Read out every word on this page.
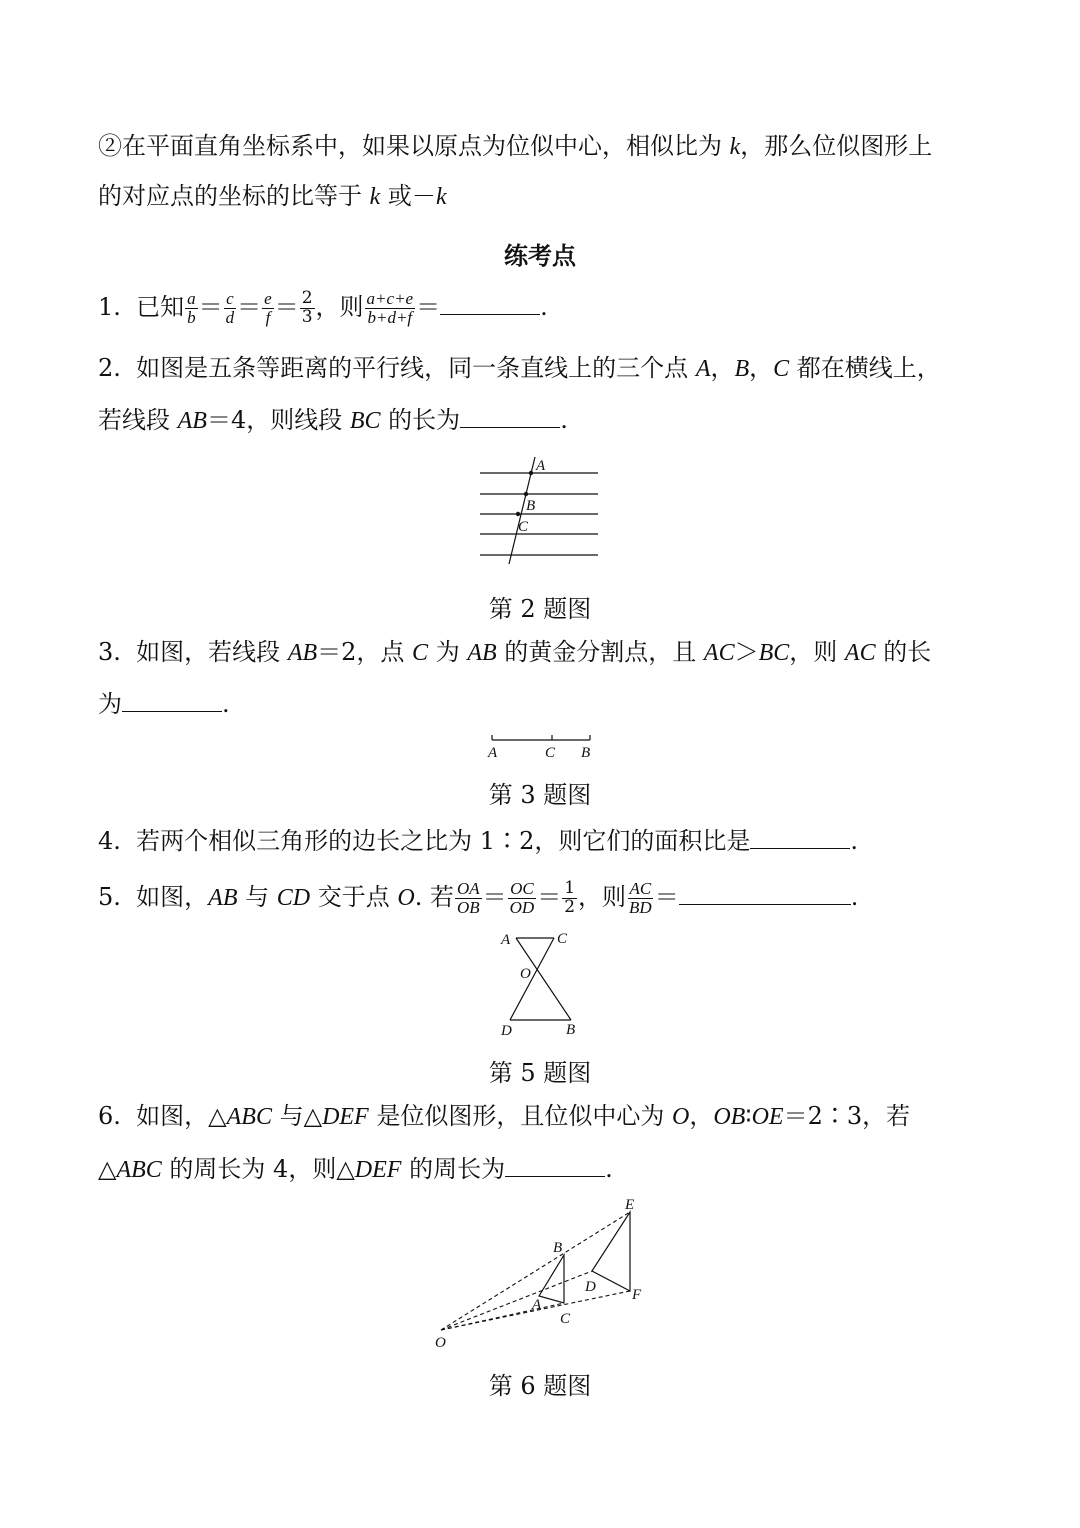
②在平面直角坐标系中，如果以原点为位似中心，相似比为 k，那么位似图形上
的对应点的坐标的比等于 k 或－k
练考点
1. 已知 $\frac{a}{b} = \frac{c}{d} = \frac{e}{f} = \frac{2}{3}$ ，则 $\frac{a+c+e}{b+d+f}$ ＝	.
2. 如图是五条等距离的平行线，同一条直线上的三个点 A，B，C 都在横线上，
若线段 AB＝4，则线段 BC 的长为	.
A
B
C
第 2 题图
3. 如图，若线段 AB＝2，点 C 为 AB 的黄金分割点，且 AC＞BC，则 AC 的长
为	.
A	C B
第 3 题图
4. 若两个相似三角形的边长之比为 1∶2，则它们的面积比是	.
5. 如图，AB 与 CD 交于点 O. 若 $\frac{OA}{OB} = \frac{OC}{OD} = \frac{1}{2}$ ，则 $\frac{AC}{BD}$ ＝	.
A	C
O
D	B
第 5 题图
6. 如图，△ABC 与△DEF 是位似图形，且位似中心为 O，OB∶OE＝2∶3，若
△ABC 的周长为 4，则△DEF 的周长为	.
E
B
D F
A
C
O
第 6 题图
